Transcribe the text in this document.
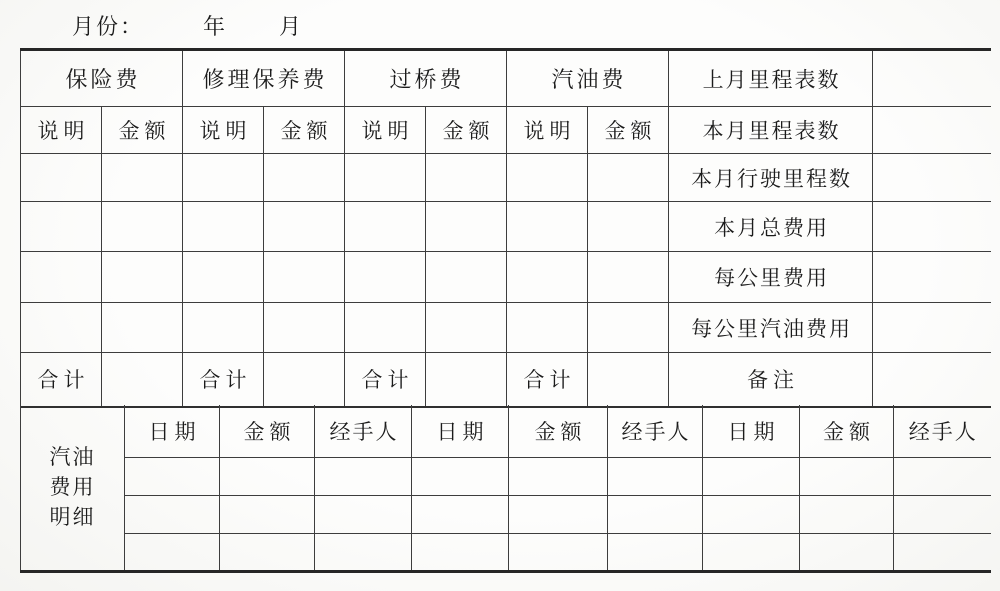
月份：	年 月
保险费		修理保养费		过桥费		汽油费		上月里程表数	
说明	金额	说明	金额	说明	金额	说明	金额	本月里程表数	
								本月行驶里程数	
								本月总费用	
								每公里费用	
								每公里汽油费用	
合计		合计		合计		合计		备注	
汽油
费用
明细	日期	金额	经手人	日期	金额	经手人	日期	金额	经手人
